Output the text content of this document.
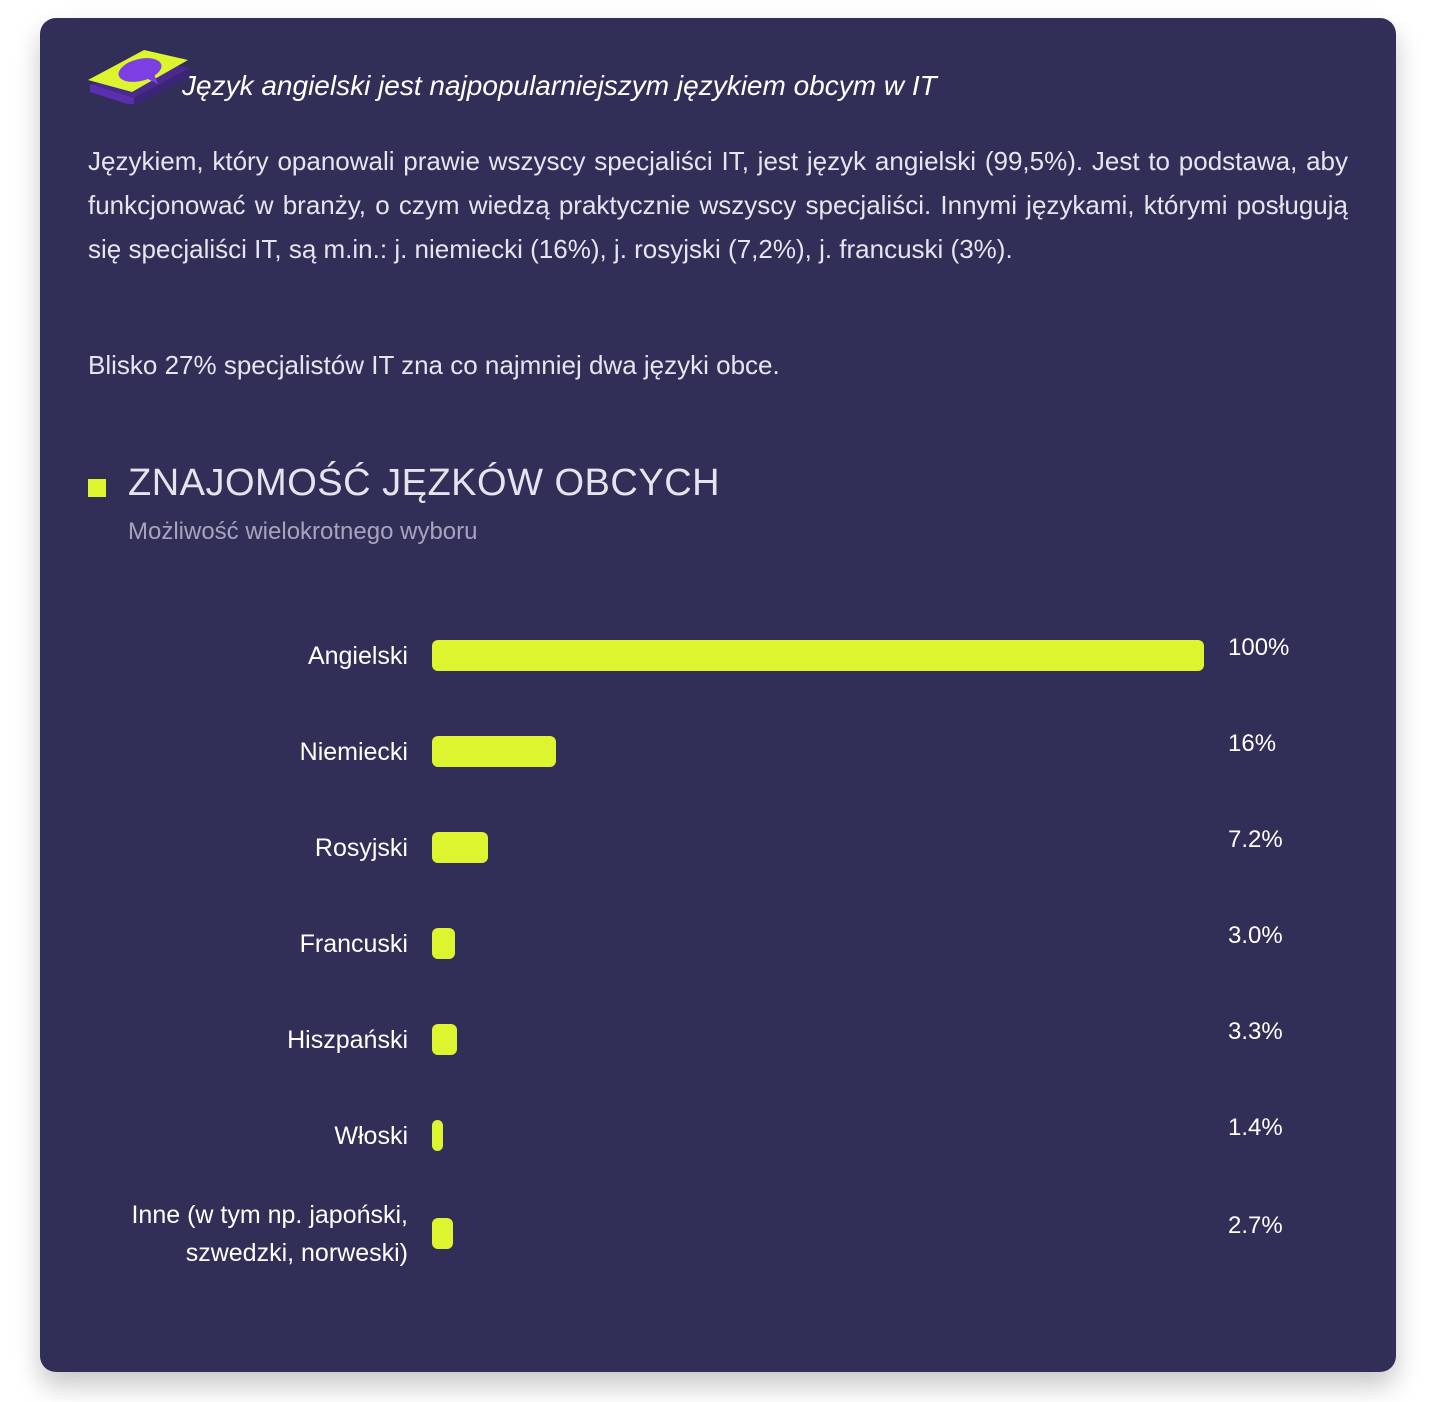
Język angielski jest najpopularniejszym językiem obcym w IT

Językiem, który opanowali prawie wszyscy specjaliści IT, jest język angielski (99,5%). Jest to podstawa, aby funkcjonować w branży, o czym wiedzą praktycznie wszyscy specjaliści. Innymi językami, którymi posługują się specjaliści IT, są m.in.: j. niemiecki (16%), j. rosyjski (7,2%), j. francuski (3%).

Blisko 27% specjalistów IT zna co najmniej dwa języki obce.

ZNAJOMOŚĆ JĘZKÓW OBCYCH
Możliwość wielokrotnego wyboru
Angielski	100%
Niemiecki	16%
Rosyjski	7.2%
Francuski	3.0%
Hiszpański	3.3%
Włoski	1.4%
Inne (w tym np. japoński, szwedzki, norweski)
2.7%
